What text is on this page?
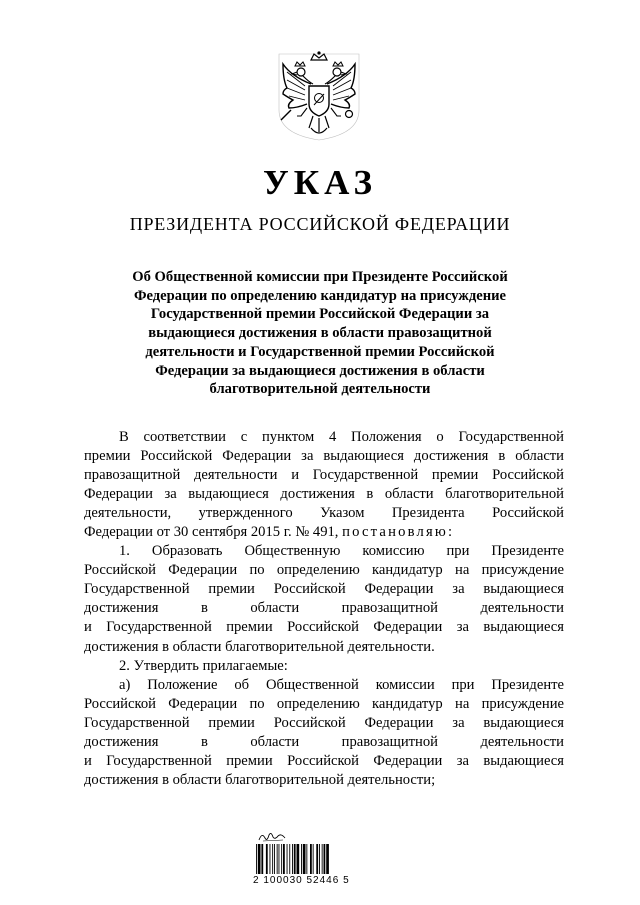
УКАЗ
ПРЕЗИДЕНТА РОССИЙСКОЙ ФЕДЕРАЦИИ
Об Общественной комиссии при Президенте Российской
Федерации по определению кандидатур на присуждение
Государственной премии Российской Федерации за
выдающиеся достижения в области правозащитной
деятельности и Государственной премии Российской
Федерации за выдающиеся достижения в области
благотворительной деятельности
В соответствии с пунктом 4 Положения о Государственной
премии Российской Федерации за выдающиеся достижения в области
правозащитной деятельности и Государственной премии Российской
Федерации за выдающиеся достижения в области благотворительной
деятельности, утвержденного Указом Президента Российской
Федерации от 30 сентября 2015 г. № 491, постановляю:
1. Образовать Общественную комиссию при Президенте
Российской Федерации по определению кандидатур на присуждение
Государственной премии Российской Федерации за выдающиеся
достижения в области правозащитной деятельности
и Государственной премии Российской Федерации за выдающиеся
достижения в области благотворительной деятельности.
2. Утвердить прилагаемые:
а) Положение об Общественной комиссии при Президенте
Российской Федерации по определению кандидатур на присуждение
Государственной премии Российской Федерации за выдающиеся
достижения в области правозащитной деятельности
и Государственной премии Российской Федерации за выдающиеся
достижения в области благотворительной деятельности;
2 100030 52446 5
